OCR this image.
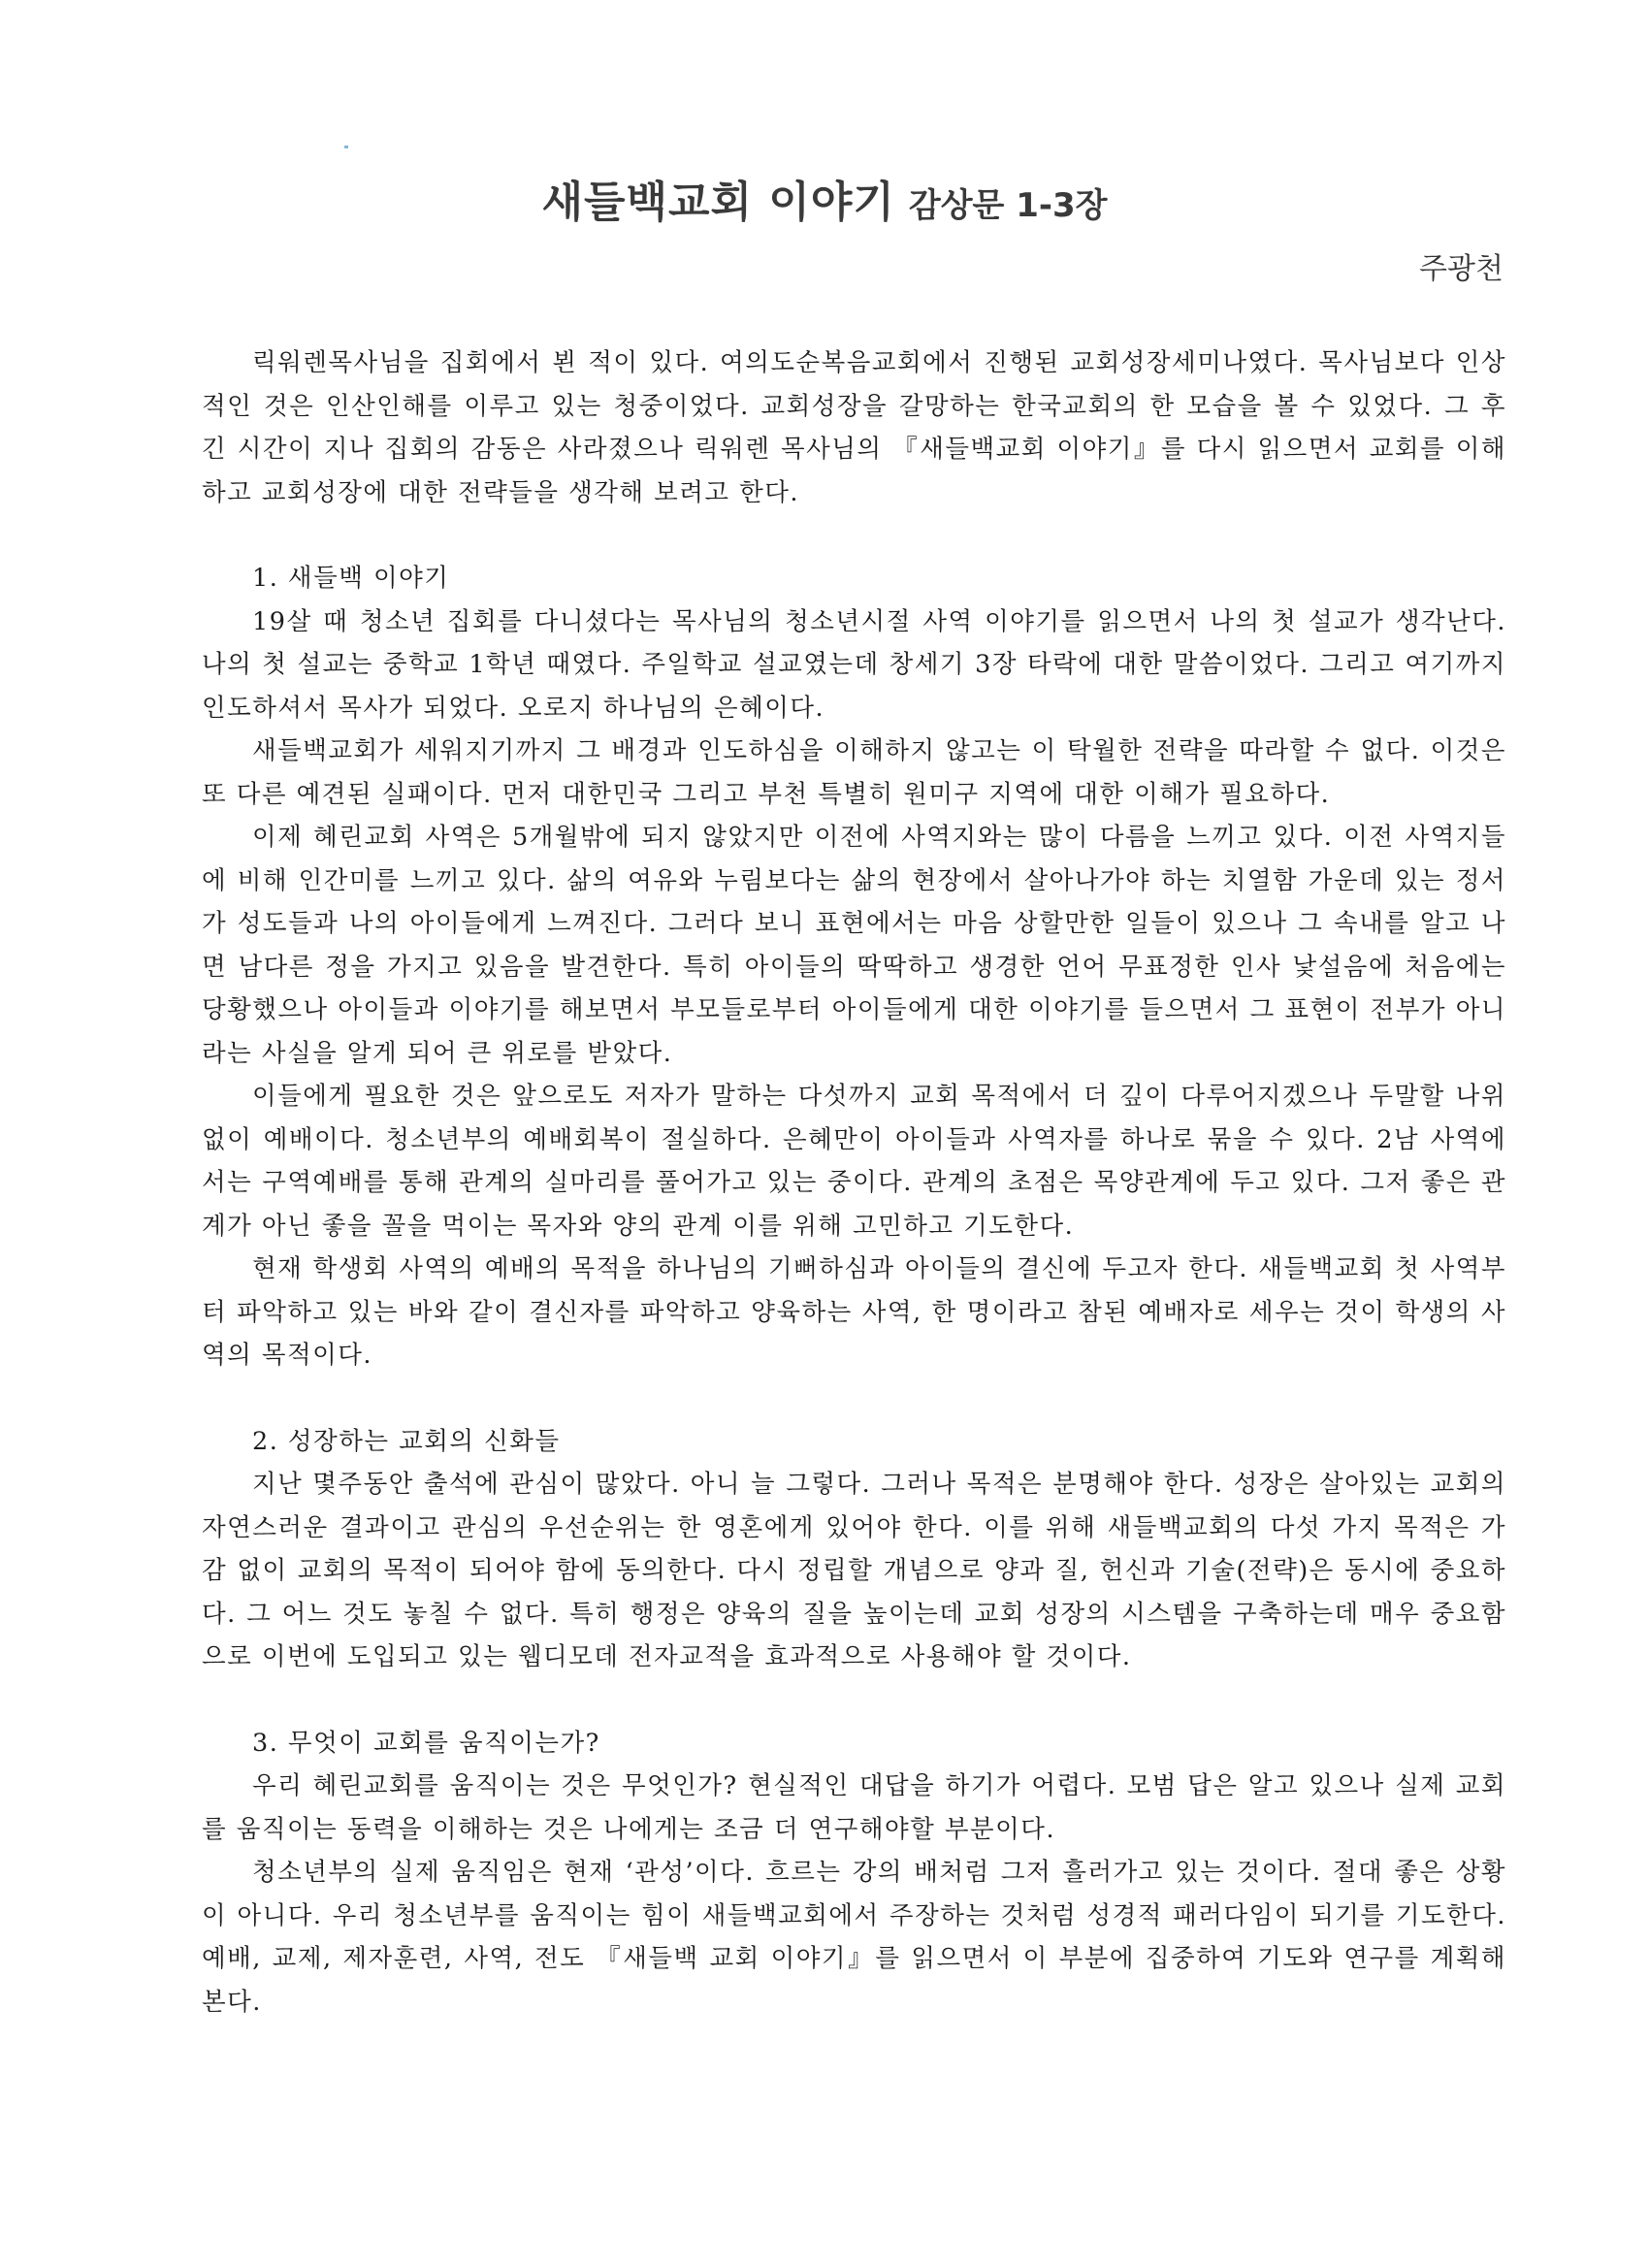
새들백교회 이야기 감상문 1-3장
주광천

릭워렌목사님을 집회에서 뵌 적이 있다. 여의도순복음교회에서 진행된 교회성장세미나였다. 목사님보다 인상적인 것은 인산인해를 이루고 있는 청중이었다. 교회성장을 갈망하는 한국교회의 한 모습을 볼 수 있었다. 그 후 긴 시간이 지나 집회의 감동은 사라졌으나 릭워렌 목사님의 『새들백교회 이야기』를 다시 읽으면서 교회를 이해하고 교회성장에 대한 전략들을 생각해 보려고 한다.

1. 새들백 이야기

19살 때 청소년 집회를 다니셨다는 목사님의 청소년시절 사역 이야기를 읽으면서 나의 첫 설교가 생각난다. 나의 첫 설교는 중학교 1학년 때였다. 주일학교 설교였는데 창세기 3장 타락에 대한 말씀이었다. 그리고 여기까지 인도하셔서 목사가 되었다. 오로지 하나님의 은혜이다.

새들백교회가 세워지기까지 그 배경과 인도하심을 이해하지 않고는 이 탁월한 전략을 따라할 수 없다. 이것은 또 다른 예견된 실패이다. 먼저 대한민국 그리고 부천 특별히 원미구 지역에 대한 이해가 필요하다.

이제 혜린교회 사역은 5개월밖에 되지 않았지만 이전에 사역지와는 많이 다름을 느끼고 있다. 이전 사역지들에 비해 인간미를 느끼고 있다. 삶의 여유와 누림보다는 삶의 현장에서 살아나가야 하는 치열함 가운데 있는 정서가 성도들과 나의 아이들에게 느껴진다. 그러다 보니 표현에서는 마음 상할만한 일들이 있으나 그 속내를 알고 나면 남다른 정을 가지고 있음을 발견한다. 특히 아이들의 딱딱하고 생경한 언어 무표정한 인사 낯설음에 처음에는 당황했으나 아이들과 이야기를 해보면서 부모들로부터 아이들에게 대한 이야기를 들으면서 그 표현이 전부가 아니라는 사실을 알게 되어 큰 위로를 받았다.

이들에게 필요한 것은 앞으로도 저자가 말하는 다섯까지 교회 목적에서 더 깊이 다루어지겠으나 두말할 나위 없이 예배이다. 청소년부의 예배회복이 절실하다. 은혜만이 아이들과 사역자를 하나로 묶을 수 있다. 2남 사역에서는 구역예배를 통해 관계의 실마리를 풀어가고 있는 중이다. 관계의 초점은 목양관계에 두고 있다. 그저 좋은 관계가 아닌 좋을 꼴을 먹이는 목자와 양의 관계 이를 위해 고민하고 기도한다.

현재 학생회 사역의 예배의 목적을 하나님의 기뻐하심과 아이들의 결신에 두고자 한다. 새들백교회 첫 사역부터 파악하고 있는 바와 같이 결신자를 파악하고 양육하는 사역, 한 명이라고 참된 예배자로 세우는 것이 학생의 사역의 목적이다.

2. 성장하는 교회의 신화들

지난 몇주동안 출석에 관심이 많았다. 아니 늘 그렇다. 그러나 목적은 분명해야 한다. 성장은 살아있는 교회의 자연스러운 결과이고 관심의 우선순위는 한 영혼에게 있어야 한다. 이를 위해 새들백교회의 다섯 가지 목적은 가감 없이 교회의 목적이 되어야 함에 동의한다. 다시 정립할 개념으로 양과 질, 헌신과 기술(전략)은 동시에 중요하다. 그 어느 것도 놓칠 수 없다. 특히 행정은 양육의 질을 높이는데 교회 성장의 시스템을 구축하는데 매우 중요함으로 이번에 도입되고 있는 웹디모데 전자교적을 효과적으로 사용해야 할 것이다.

3. 무엇이 교회를 움직이는가?

우리 혜린교회를 움직이는 것은 무엇인가? 현실적인 대답을 하기가 어렵다. 모범 답은 알고 있으나 실제 교회를 움직이는 동력을 이해하는 것은 나에게는 조금 더 연구해야할 부분이다.

청소년부의 실제 움직임은 현재 ‘관성’이다. 흐르는 강의 배처럼 그저 흘러가고 있는 것이다. 절대 좋은 상황이 아니다. 우리 청소년부를 움직이는 힘이 새들백교회에서 주장하는 것처럼 성경적 패러다임이 되기를 기도한다. 예배, 교제, 제자훈련, 사역, 전도 『새들백 교회 이야기』를 읽으면서 이 부분에 집중하여 기도와 연구를 계획해 본다.
